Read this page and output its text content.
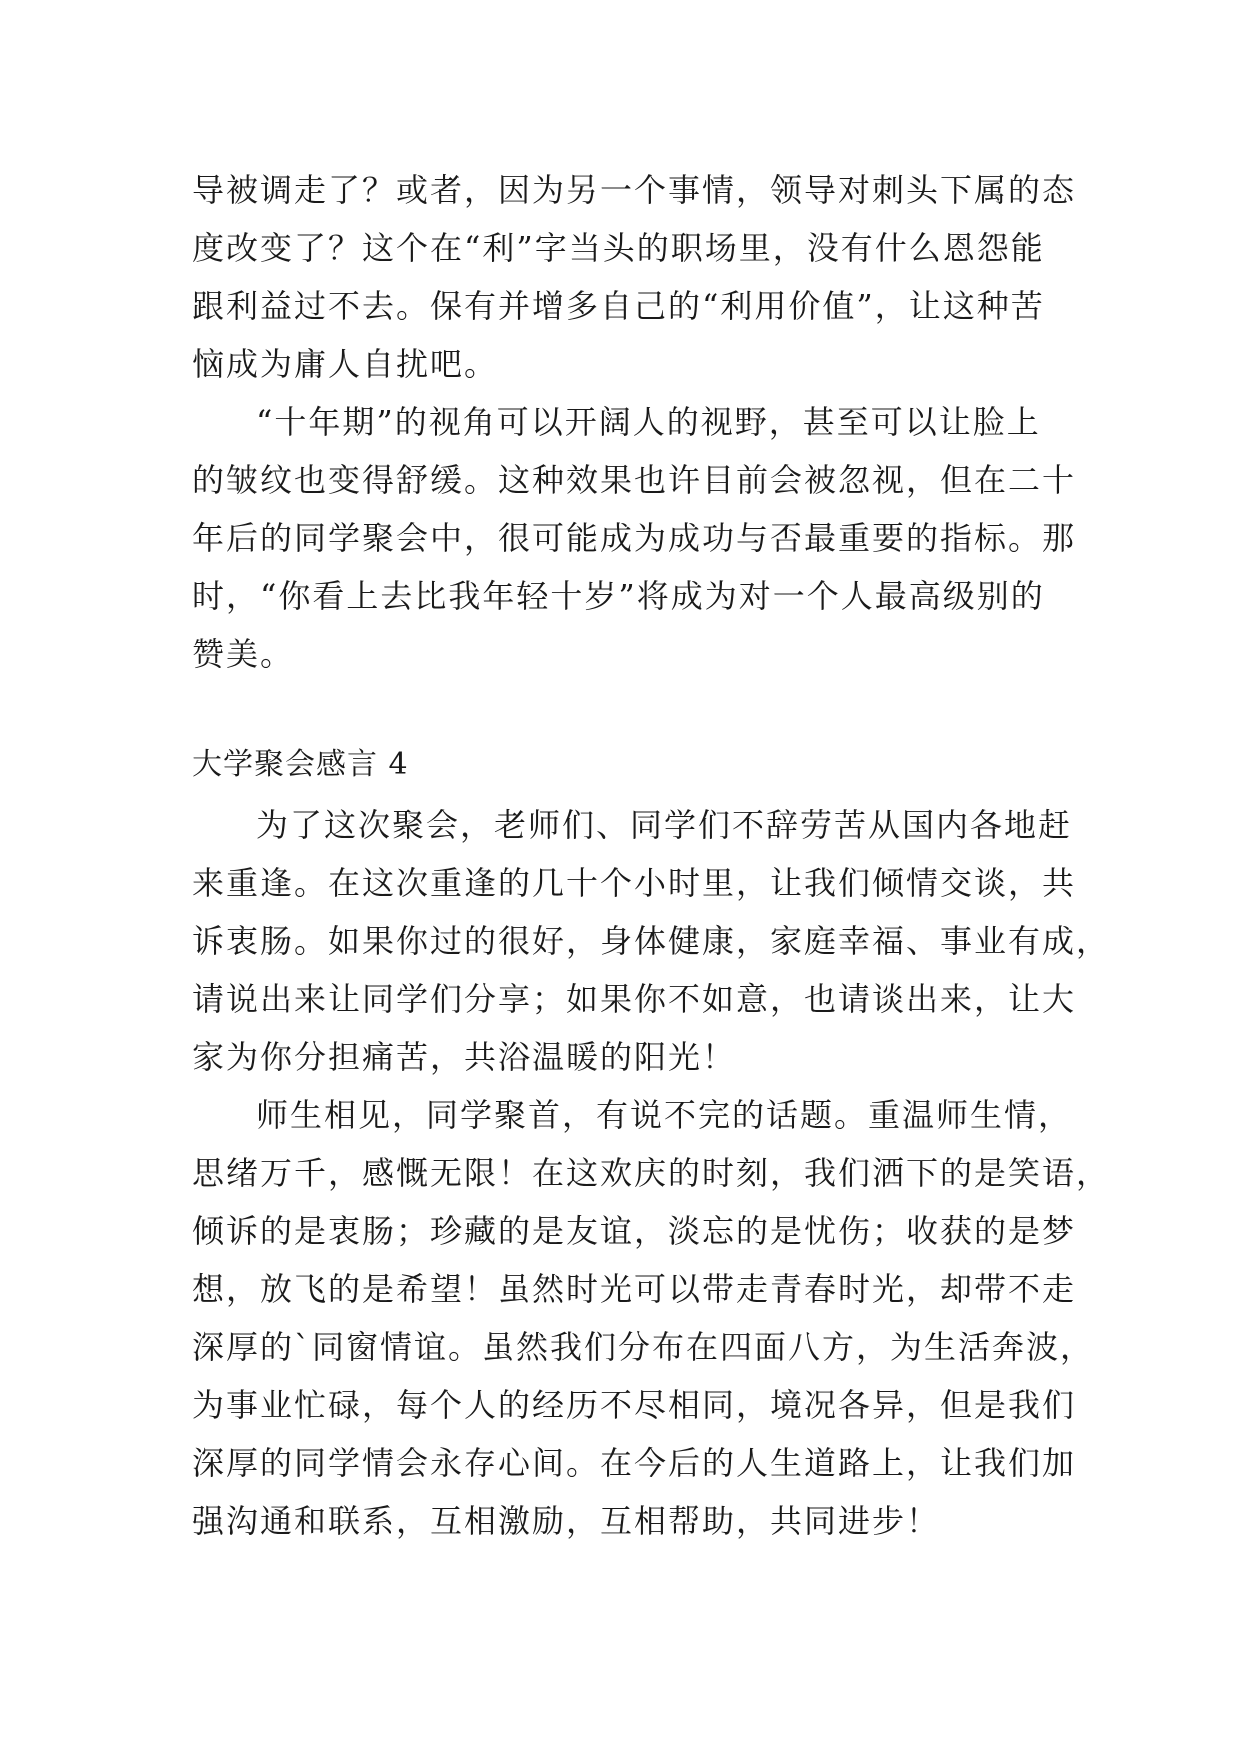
导被调走了？或者，因为另一个事情，领导对刺头下属的态
度改变了？这个在“利”字当头的职场里，没有什么恩怨能
跟利益过不去。保有并增多自己的“利用价值”，让这种苦
恼成为庸人自扰吧。
“十年期”的视角可以开阔人的视野，甚至可以让脸上
的皱纹也变得舒缓。这种效果也许目前会被忽视，但在二十
年后的同学聚会中，很可能成为成功与否最重要的指标。那
时，“你看上去比我年轻十岁”将成为对一个人最高级别的
赞美。
大学聚会感言 4
为了这次聚会，老师们、同学们不辞劳苦从国内各地赶
来重逢。在这次重逢的几十个小时里，让我们倾情交谈，共
诉衷肠。如果你过的很好，身体健康，家庭幸福、事业有成，
请说出来让同学们分享；如果你不如意，也请谈出来，让大
家为你分担痛苦，共浴温暖的阳光！
师生相见，同学聚首，有说不完的话题。重温师生情，
思绪万千，感慨无限！在这欢庆的时刻，我们洒下的是笑语，
倾诉的是衷肠；珍藏的是友谊，淡忘的是忧伤；收获的是梦
想，放飞的是希望！虽然时光可以带走青春时光，却带不走
深厚的`同窗情谊。虽然我们分布在四面八方，为生活奔波，
为事业忙碌，每个人的经历不尽相同，境况各异，但是我们
深厚的同学情会永存心间。在今后的人生道路上，让我们加
强沟通和联系，互相激励，互相帮助，共同进步！
